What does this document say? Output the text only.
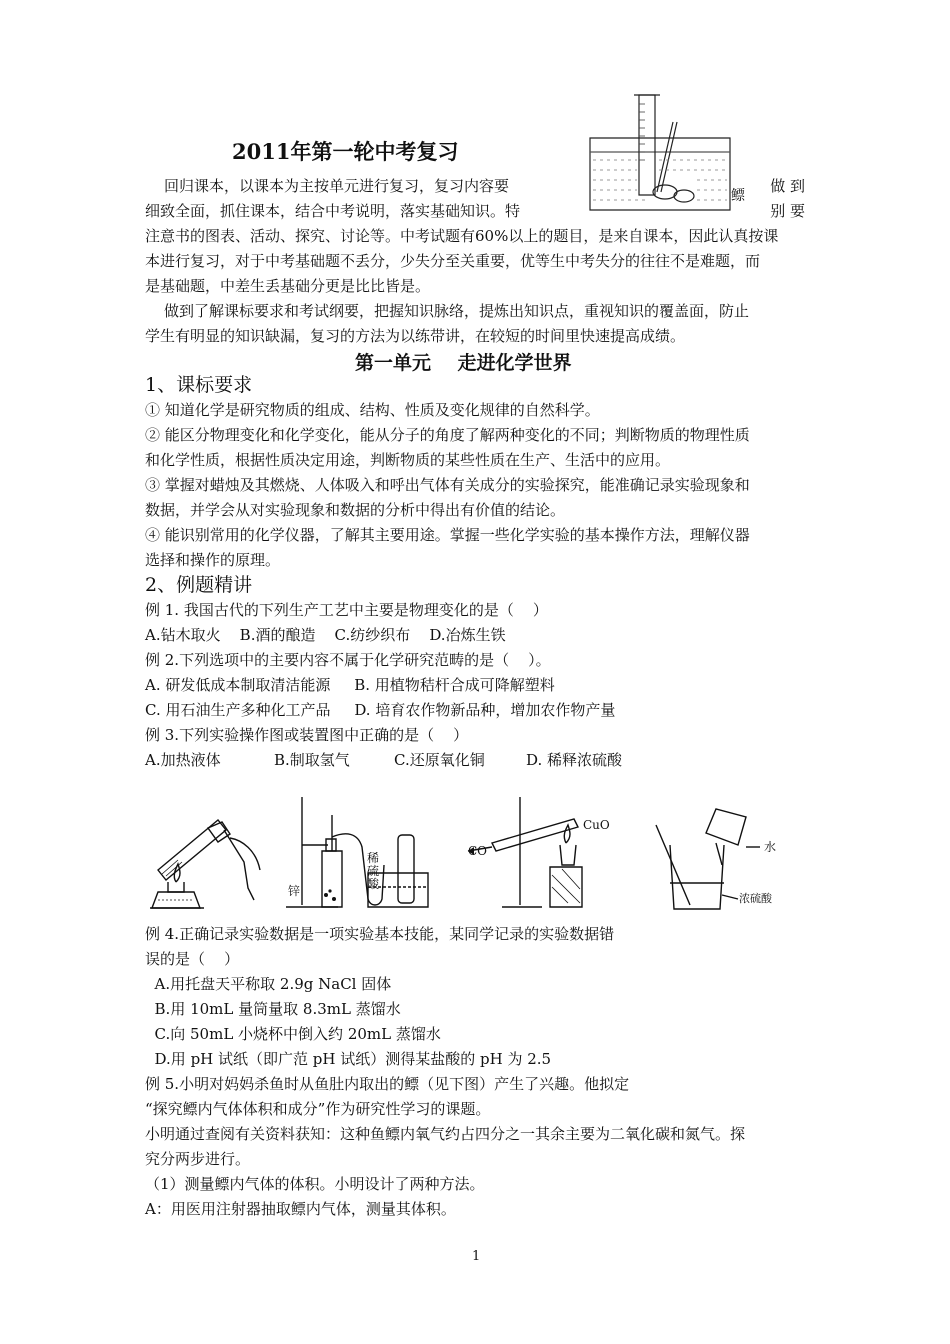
2011年第一轮中考复习
鳔
回归课本，以课本为主按单元进行复习，复习内容要	做 到
细致全面，抓住课本，结合中考说明，落实基础知识。特	别 要
注意书的图表、活动、探究、讨论等。中考试题有60%以上的题目，是来自课本，因此认真按课
本进行复习，对于中考基础题不丢分，少失分至关重要，优等生中考失分的往往不是难题，而
是基础题，中差生丢基础分更是比比皆是。
做到了解课标要求和考试纲要，把握知识脉络，提炼出知识点，重视知识的覆盖面，防止
学生有明显的知识缺漏，复习的方法为以练带讲，在较短的时间里快速提高成绩。
第一单元    走进化学世界
1、课标要求
① 知道化学是研究物质的组成、结构、性质及变化规律的自然科学。
② 能区分物理变化和化学变化，能从分子的角度了解两种变化的不同；判断物质的物理性质
和化学性质，根据性质决定用途，判断物质的某些性质在生产、生活中的应用。
③ 掌握对蜡烛及其燃烧、人体吸入和呼出气体有关成分的实验探究，能准确记录实验现象和
数据，并学会从对实验现象和数据的分析中得出有价值的结论。
④ 能识别常用的化学仪器，了解其主要用途。掌握一些化学实验的基本操作方法，理解仪器
选择和操作的原理。
2、例题精讲
例 1. 我国古代的下列生产工艺中主要是物理变化的是（    ）
A.钻木取火    B.酒的酿造    C.纺纱织布    D.冶炼生铁
例 2.下列选项中的主要内容不属于化学研究范畴的是（    ）。
A. 研发低成本制取清洁能源     B. 用植物秸杆合成可降解塑料
C. 用石油生产多种化工产品     D. 培育农作物新品种，增加农作物产量
例 3.下列实验操作图或装置图中正确的是（    ）
A.加热液体	B.制取氢气	C.还原氧化铜	D. 稀释浓硫酸
锌
稀硫酸
CO
CuO
水
浓硫酸
例 4.正确记录实验数据是一项实验基本技能，某同学记录的实验数据错
误的是（    ）
A.用托盘天平称取 2.9g NaCl 固体
B.用 10mL 量筒量取 8.3mL 蒸馏水
C.向 50mL 小烧杯中倒入约 20mL 蒸馏水
D.用 pH 试纸（即广范 pH 试纸）测得某盐酸的 pH 为 2.5
例 5.小明对妈妈杀鱼时从鱼肚内取出的鳔（见下图）产生了兴趣。他拟定
“探究鳔内气体体积和成分”作为研究性学习的课题。
小明通过查阅有关资料获知：这种鱼鳔内氧气约占四分之一其余主要为二氧化碳和氮气。探
究分两步进行。
（1）测量鳔内气体的体积。小明设计了两种方法。
A：用医用注射器抽取鳔内气体，测量其体积。
1
